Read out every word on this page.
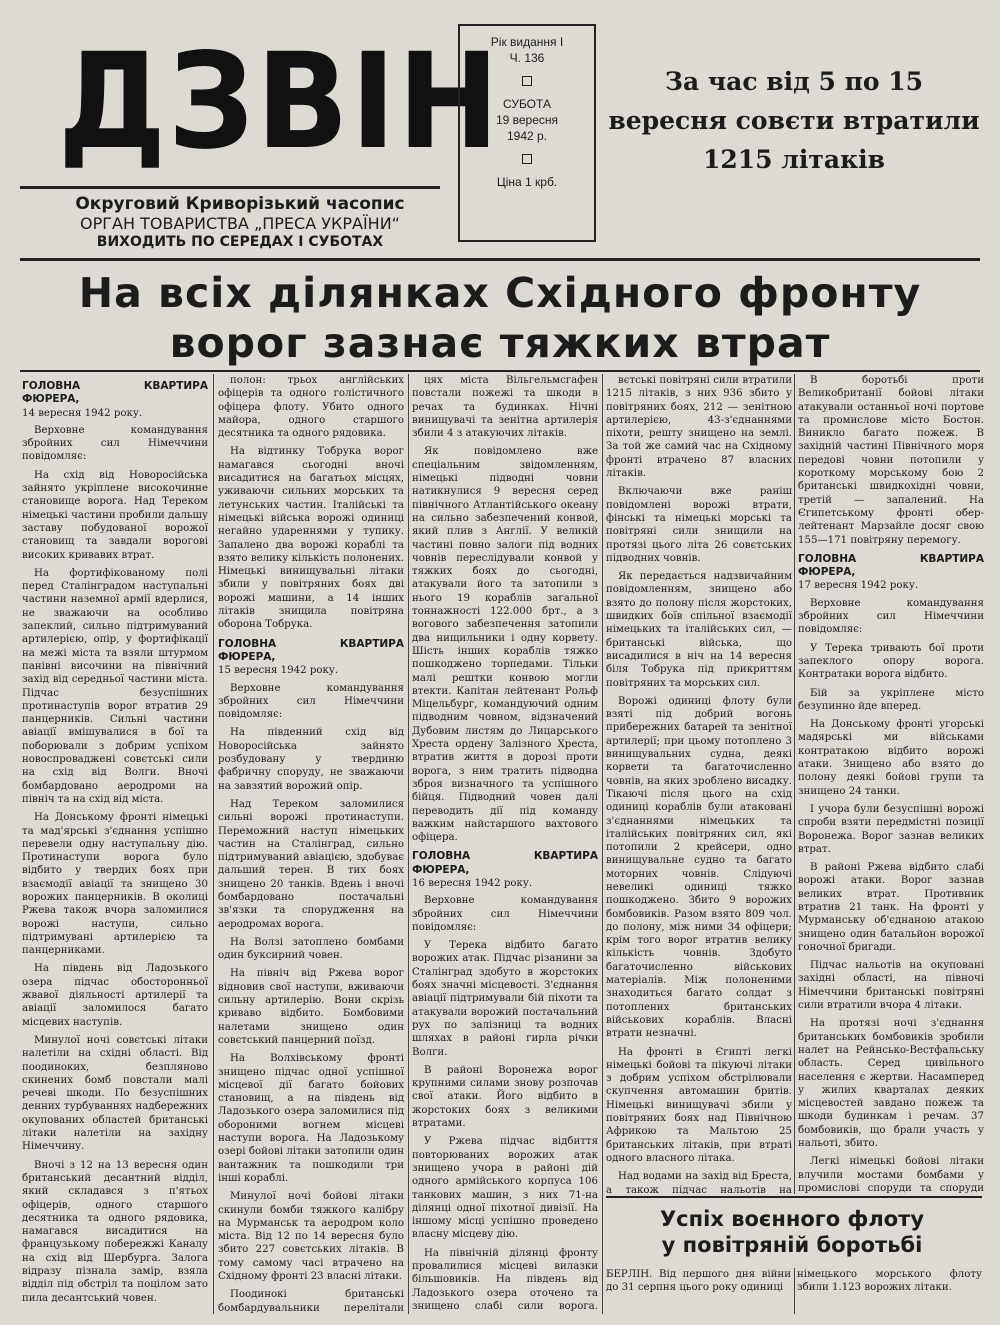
ДЗВІН
Округовий Криворізький часопис
ОРГАН ТОВАРИСТВА „ПРЕСА УКРАЇНИ“
ВИХОДИТЬ ПО СЕРЕДАХ І СУБОТАХ
Рік видання І
Ч. 136
СУБОТА
19 вересня
1942 р.
Ціна 1 крб.
За час від 5 по 15 вересня совєти втратили 1215 літаків
На всіх ділянках Східного фронту
ворог зазнає тяжких втрат

ГОЛОВНА КВАРТИРА ФЮРЕРА,

14 вересня 1942 року.

Верховне командування збройних сил Німеччини повідомляє:

На схід від Новоросійська зайнято укріплене високочинне становище ворога. Над Тереком німецькі частини пробили дальшу заставу побудованої ворожої становищ та завдали ворогові високих кривавих втрат.

На фортифікованому полі перед Сталінградом наступальні частини наземної армії вдерлися, не зважаючи на особливо запеклий, сильно підтримуваний артилерією, опір, у фортифікації на межі міста та взяли штурмом панівні височини на північний захід від середньої частини міста. Підчас безуспішних протинаступів ворог втратив 29 панцерників. Сильні частини авіації вмішувалися в бої та поборювали з добрим успіхом новоспроваджені совєтські сили на схід від Волги. Вночі бомбардовано аеродроми на північ та на схід від міста.

На Донському фронті німецькі та мад'ярські з'єднання успішно перевели одну наступальну дію. Протинаступи ворога було відбито у твердих боях при взаємодії авіації та знищено 30 ворожих панцерників. В околиці Ржева також вчора заломилися ворожі наступи, сильно підтримувані артилерією та панцерниками.

На південь від Ладозького озера підчас обосторонньої жвавої діяльності артилерії та авіації заломилося багато місцевих наступів.

Минулої ночі совєтські літаки налетіли на східні області. Від поодиноких, безпляново скинених бомб повстали малі речеві шкоди. По безуспішних денних турбуваннях надбережних окупованих областей британські літаки налетіли на західну Німеччину.

Вночі з 12 на 13 вересня один британський десантний відділ, який складався з п'ятьох офіцерів, одного старшого десятника та одного рядовика, намагався висадитися на французькому побережжі Каналу на схід від Шербурга. Залога відразу пізнала замір, взяла відділ під обстріл та поцілом зато пила десантський човен.

полон: трьох англійських офіцерів та одного голістичного офіцера флоту. Убито одного майора, одного старшого десятника та одного рядовика.

На відтинку Тобрука ворог намагався сьогодні вночі висадитися на багатьох місцях, уживаючи сильних морських та летунських частин. Італійські та німецькі війська ворожі одиниці негайно удареннями у тупику. Запалено два ворожі кораблі та взято велику кількість полонених. Німецькі винищувальні літаки збили у повітряних боях дві ворожі машини, а 14 інших літаків знищила повітряна оборона Тобрука.

ГОЛОВНА КВАРТИРА ФЮРЕРА,

15 вересня 1942 року.

Верховне командування збройних сил Німеччини повідомляє:

На південний схід від Новоросійська зайнято розбудовану у твердиню фабричну споруду, не зважаючи на завзятий ворожий опір.

Над Тереком заломилися сильні ворожі протинаступи. Переможний наступ німецьких частин на Сталінград, сильно підтримуваний авіацією, здобуває дальший терен. В тих боях знищено 20 танків. Вдень і вночі бомбардовано постачальні зв'язки та спорудження на аеродромах ворога.

На Волзі затоплено бомбами один буксирний човен.

На північ від Ржева ворог відновив свої наступи, вживаючи сильну артилерію. Вони скрізь криваво відбито. Бомбовими налетами знищено один совєтський панцерний поїзд.

На Волхівському фронті знищено підчас одної успішної місцевої дії багато бойових становищ, а на південь від Ладозького озера заломилися під обороними вогнем місцеві наступи ворога. На Ладозькому озері бойові літаки затопили один вантажник та пошкодили три інші кораблі.

Минулої ночі бойові літаки скинули бомби тяжкого калібру на Мурманськ та аеродром коло міста. Від 12 по 14 вересня було збито 227 совєтських літаків. В тому самому часі втрачено на Східному фронті 23 власні літаки.

Поодинокі британські бомбардувальники перелітали

цях міста Вільгельмсгафен повстали пожежі та шкоди в речах та будинках. Нічні винищувачі та зенітна артилерія збили 4 з атакуючих літаків.

Як повідомлено вже спеціальним звідомленням, німецькі підводні човни натикнулися 9 вересня серед північного Атлантійського океану на сильно забезпечений конвой, який плив з Англії. У великій частині повно залоги під водних човнів переслідували конвой у тяжких боях до сьогодні, атакували його та затопили з нього 19 кораблів загальної тоннажності 122.000 брт., а з вогового забезпечення затопили два нищильники і одну корвету. Шість інших кораблів тяжко пошкоджено торпедами. Тільки малі рештки конвою могли втекти. Капітан лейтенант Рольф Міцельбург, командуючий одним підводним човном, відзначений Дубовим листям до Лицарського Хреста ордену Залізного Хреста, втратив життя в дорозі проти ворога, з ним тратить підводна зброя визначного та успішного бійця. Підводний човен далі переводить дії під команду важким найстаршого вахтового офіцера.

ГОЛОВНА КВАРТИРА ФЮРЕРА,

16 вересня 1942 року.

Верховне командування збройних сил Німеччини повідомляє:

У Терека відбито багато ворожих атак. Підчас різанини за Сталінград здобуто в жорстоких боях значні місцевості. З'єднання авіації підтримували бій піхоти та атакували ворожий постачальний рух по залізниці та водних шляхах в районі гирла річки Волги.

В районі Воронежа ворог крупними силами знову розпочав свої атаки. Його відбито в жорстоких боях з великими втратами.

У Ржева підчас відбиття повторюваних ворожих атак знищено учора в районі дій одного армійського корпуса 106 танкових машин, з них 71-на ділянці одної піхотної дивізії. На іншому місці успішно проведено власну місцеву дію.

На північній ділянці фронту провалилися місцеві вилазки більшовиків. На південь від Ладозького озера оточено та знищено слабі сили ворога.

вєтські повітряні сили втратили 1215 літаків, з них 936 збито у повітряних боях, 212 — зенітною артилерією, 43-з'єднаннями піхоти, решту знищено на землі. За той же самий час на Східному фронті втрачено 87 власних літаків.

Включаючи вже раніш повідомлені ворожі втрати, фінські та німецькі морські та повітряні сили знищили на протязі цього літа 26 совєтських підводних човнів.

Як передається надзвичайним повідомленням, знищено або взято до полону після жорстоких, швидких боїв спільної взаємодії німецьких та італійських сил, — британські війська, що висадилися в ніч на 14 вересня біля Тобрука під прикриттям повітряних та морських сил.

Ворожі одиниці флоту були взяті під добрий вогонь прибережних батарей та зенітної артилерії; при цьому потоплено 3 винищувальних судна, деякі корвети та багаточисленно човнів, на яких зроблено висадку. Тікаючі після цього на схід одиниці кораблів були атаковані з'єднаннями німецьких та італійських повітряних сил, які потопили 2 крейсери, одно винищувальне судно та багато моторних човнів. Слідуючі невеликі одиниці тяжко пошкоджено. Збито 9 ворожих бомбовиків. Разом взято 809 чол. до полону, між ними 34 офіцери; крім того ворог втратив велику кількість човнів. Здобуто багаточисленно військових матеріалів. Між полоненими знаходиться багато солдат з потоплених британських військових кораблів. Власні втрати незначні.

На фронті в Єгипті легкі німецькі бойові та пікуючі літаки з добрим успіхом обстрілювали скупчення автомашин бритів. Німецькі винищувачі збили у повітряних боях над Північною Африкою та Мальтою 25 британських літаків, при втраті одного власного літака.

Над водами на захід від Бреста, а також підчас нальотів на

В боротьбі проти Великобританії бойові літаки атакували останньої ночі портове та промислове місто Бостон. Виникло багато пожеж. В західній частині Північного моря передові човни потопили у короткому морському бою 2 британські швидкохідні човни, третій — запалений. На Єгипетському фронті обер-лейтенант Марзайле досяг свою 155—171 повітряну перемогу.

ГОЛОВНА КВАРТИРА ФЮРЕРА,

17 вересня 1942 року.

Верховне командування збройних сил Німеччини повідомляє:

У Терека тривають бої проти запеклого опору ворога. Контратаки ворога відбито.

Бій за укріплене місто безупинно йде вперед.

На Донському фронті угорські мадярські ми військами контратакою відбито ворожі атаки. Знищено або взято до полону деякі бойові групи та знищено 24 танки.

І учора були безуспішні ворожі спроби взяти передмістні позиції Воронежа. Ворог зазнав великих втрат.

В районі Ржева відбито слабі ворожі атаки. Ворог зазнав великих втрат. Противник втратив 21 танк. На фронті у Мурманську об'єднаною атакою знищено один батальйон ворожої гоночної бригади.

Підчас нальотів на окуповані західні області, на півночі Німеччини британські повітряні сили втратили вчора 4 літаки.

На протязі ночі з'єднання британських бомбовиків зробили налет на Рейнсько-Вестфальську область. Серед цивільного населення є жертви. Насамперед у жилих кварталах деяких місцевостей завдано пожеж та шкоди будинкам і речам. 37 бомбовиків, що брали участь у нальоті, збито.

Легкі німецькі бойові літаки влучили мостами бомбами у промислові споруди та споруди

Успіх воєнного флоту
у повітряній боротьбі
БЕРЛІН. Від першого дня війни до 31 серпня цього року одиниці
німецького морського флоту збили 1.123 ворожих літаки.
